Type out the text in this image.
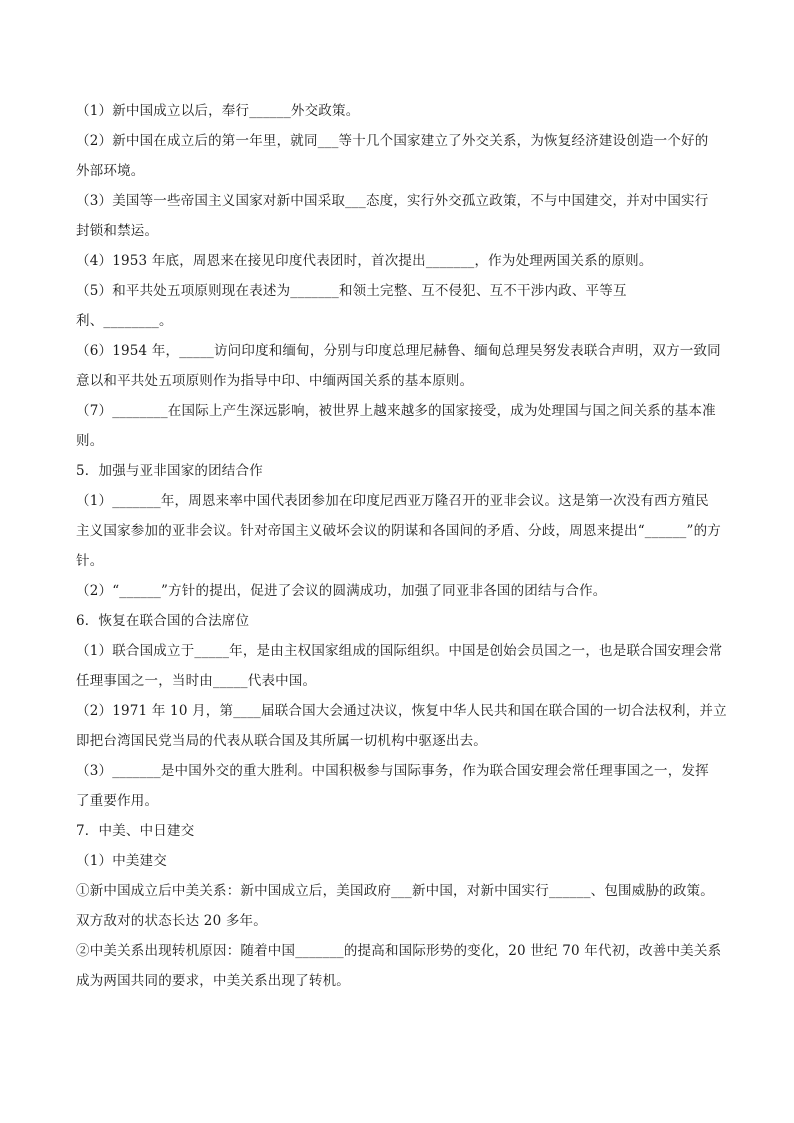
（1）新中国成立以后，奉行______外交政策。
（2）新中国在成立后的第一年里，就同___等十几个国家建立了外交关系，为恢复经济建设创造一个好的
外部环境。
（3）美国等一些帝国主义国家对新中国采取___态度，实行外交孤立政策，不与中国建交，并对中国实行
封锁和禁运。
（4）1953 年底，周恩来在接见印度代表团时，首次提出_______，作为处理两国关系的原则。
（5）和平共处五项原则现在表述为_______和领土完整、互不侵犯、互不干涉内政、平等互
利、________。
（6）1954 年，_____访问印度和缅甸，分别与印度总理尼赫鲁、缅甸总理吴努发表联合声明，双方一致同
意以和平共处五项原则作为指导中印、中缅两国关系的基本原则。
（7）________在国际上产生深远影响，被世界上越来越多的国家接受，成为处理国与国之间关系的基本准
则。
5．加强与亚非国家的团结合作
（1）_______年，周恩来率中国代表团参加在印度尼西亚万隆召开的亚非会议。这是第一次没有西方殖民
主义国家参加的亚非会议。针对帝国主义破坏会议的阴谋和各国间的矛盾、分歧，周恩来提出“______”的方
针。
（2）“______”方针的提出，促进了会议的圆满成功，加强了同亚非各国的团结与合作。
6．恢复在联合国的合法席位
（1）联合国成立于_____年，是由主权国家组成的国际组织。中国是创始会员国之一，也是联合国安理会常
任理事国之一，当时由_____代表中国。
（2）1971 年 10 月，第____届联合国大会通过决议，恢复中华人民共和国在联合国的一切合法权利，并立
即把台湾国民党当局的代表从联合国及其所属一切机构中驱逐出去。
（3）_______是中国外交的重大胜利。中国积极参与国际事务，作为联合国安理会常任理事国之一，发挥
了重要作用。
7．中美、中日建交
（1）中美建交
①新中国成立后中美关系：新中国成立后，美国政府___新中国，对新中国实行______、包围威胁的政策。
双方敌对的状态长达 20 多年。
②中美关系出现转机原因：随着中国_______的提高和国际形势的变化，20 世纪 70 年代初，改善中美关系
成为两国共同的要求，中美关系出现了转机。
